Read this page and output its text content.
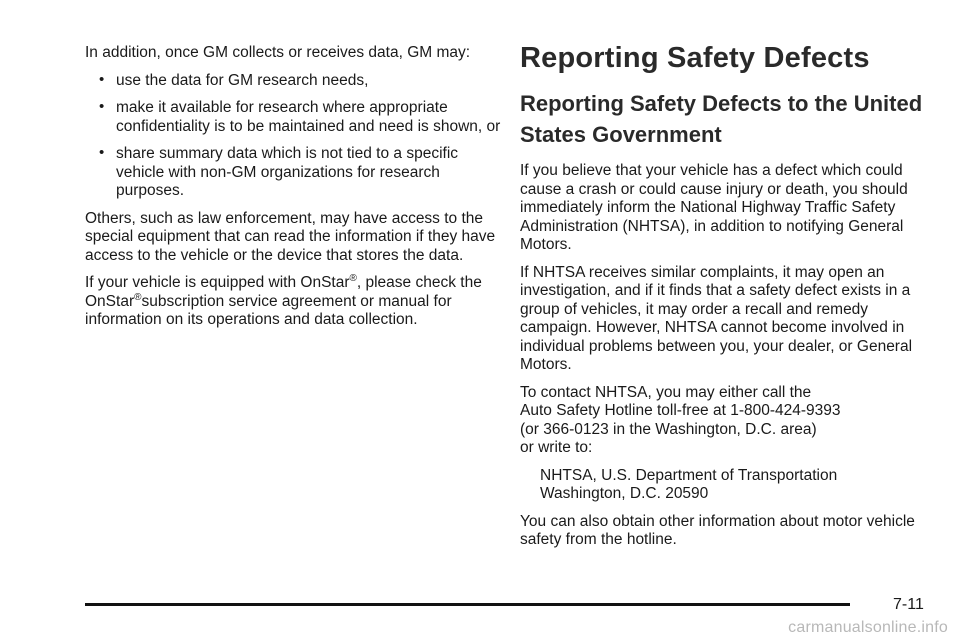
In addition, once GM collects or receives data, GM may:

• use the data for GM research needs,
• make it available for research where appropriate confidentiality is to be maintained and need is shown, or
• share summary data which is not tied to a specific vehicle with non-GM organizations for research purposes.

Others, such as law enforcement, may have access to the special equipment that can read the information if they have access to the vehicle or the device that stores the data.

If your vehicle is equipped with OnStar®, please check the OnStar®subscription service agreement or manual for information on its operations and data collection.

Reporting Safety Defects
Reporting Safety Defects to the United States Government

If you believe that your vehicle has a defect which could cause a crash or could cause injury or death, you should immediately inform the National Highway Traffic Safety Administration (NHTSA), in addition to notifying General Motors.

If NHTSA receives similar complaints, it may open an investigation, and if it finds that a safety defect exists in a group of vehicles, it may order a recall and remedy campaign. However, NHTSA cannot become involved in individual problems between you, your dealer, or General Motors.

To contact NHTSA, you may either call the
Auto Safety Hotline toll-free at 1-800-424-9393
(or 366-0123 in the Washington, D.C. area)
or write to:

NHTSA, U.S. Department of Transportation
Washington, D.C. 20590

You can also obtain other information about motor vehicle safety from the hotline.

7-11
carmanualsonline.info
